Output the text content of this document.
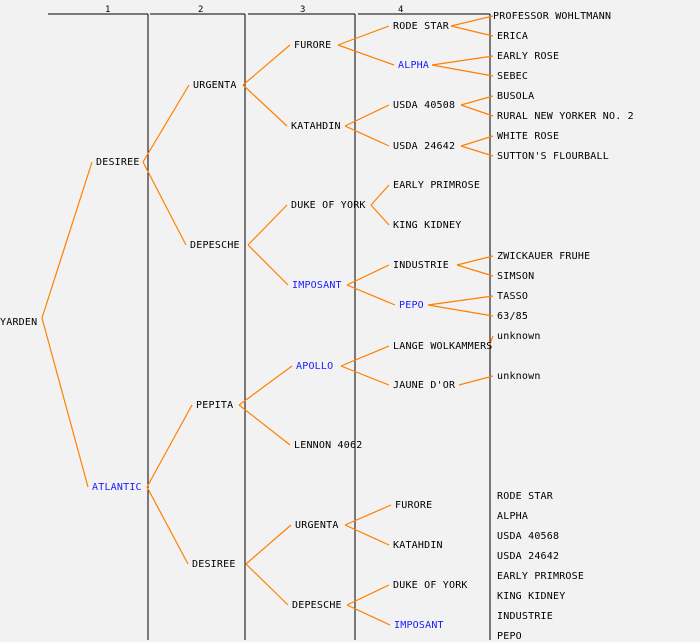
1	2	3	4
YARDEN
DESIREE
ATLANTIC
URGENTA
DEPESCHE
PEPITA
DESIREE
FURORE
KATAHDIN
DUKE OF YORK
IMPOSANT
APOLLO
LENNON 4062
URGENTA
DEPESCHE
RODE STAR
ALPHA
USDA 40508
USDA 24642
EARLY PRIMROSE
KING KIDNEY
INDUSTRIE
PEPO
LANGE WOLKAMMERS
JAUNE D'OR
FURORE
KATAHDIN
DUKE OF YORK
IMPOSANT
PROFESSOR WOHLTMANN
ERICA
EARLY ROSE
SEBEC
BUSOLA
RURAL NEW YORKER NO. 2
WHITE ROSE
SUTTON'S FLOURBALL
ZWICKAUER FRUHE
SIMSON
TASSO
63/85
unknown
unknown
RODE STAR
ALPHA
USDA 40568
USDA 24642
EARLY PRIMROSE
KING KIDNEY
INDUSTRIE
PEPO
